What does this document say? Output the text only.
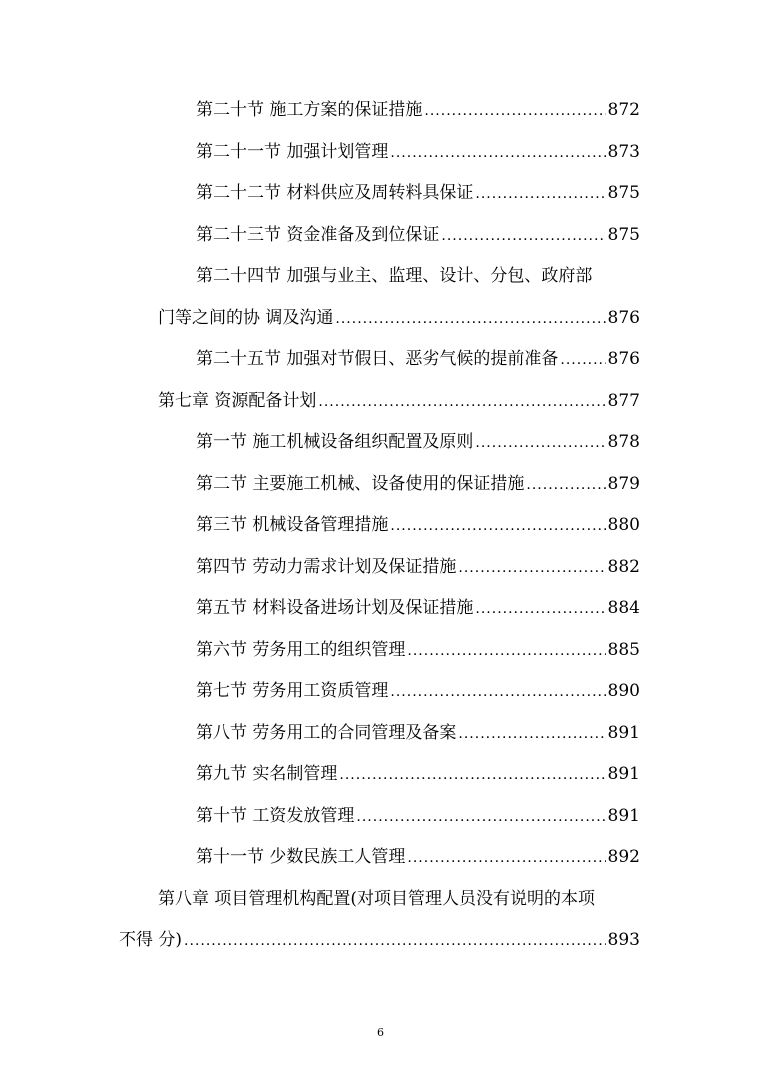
第二十节 施工方案的保证措施 .....	872
第二十一节 加强计划管理 .....	873
第二十二节 材料供应及周转料具保证 .....	875
第二十三节 资金准备及到位保证 .....	875
第二十四节 加强与业主、监理、设计、分包、政府部
门等之间的协 调及沟通 .....	876
第二十五节 加强对节假日、恶劣气候的提前准备 .....	876
第七章 资源配备计划 .....	877
第一节 施工机械设备组织配置及原则 .....	878
第二节 主要施工机械、设备使用的保证措施 .....	879
第三节 机械设备管理措施 .....	880
第四节 劳动力需求计划及保证措施 .....	882
第五节 材料设备进场计划及保证措施 .....	884
第六节 劳务用工的组织管理 .....	885
第七节 劳务用工资质管理 .....	890
第八节 劳务用工的合同管理及备案 .....	891
第九节 实名制管理 .....	891
第十节 工资发放管理 .....	891
第十一节 少数民族工人管理 .....	892
第八章 项目管理机构配置(对项目管理人员没有说明的本项
不得 分) .....	893
6
